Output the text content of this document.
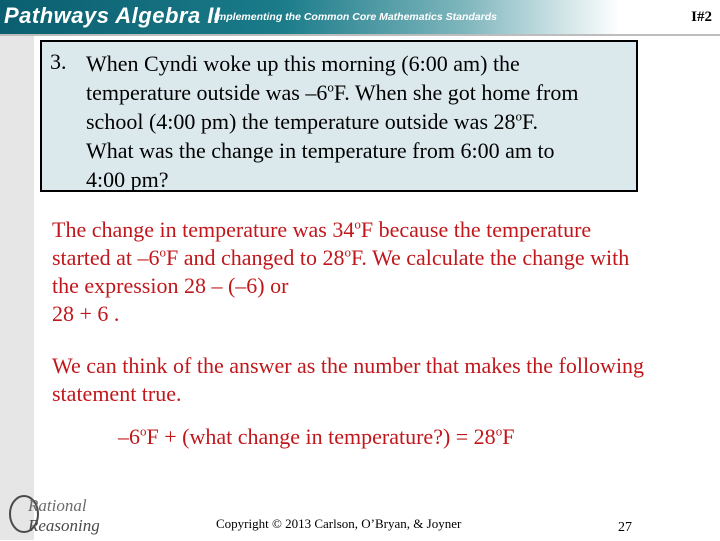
Pathways Algebra II
Implementing the Common Core Mathematics Standards	I#2
3. When Cyndi woke up this morning (6:00 am) the
temperature outside was –6$^o$F. When she got home from
school (4:00 pm) the temperature outside was 28$^o$F.
What was the change in temperature from 6:00 am to
4:00 pm?
The change in temperature was 34$^o$F because the temperature started at –6$^o$F and changed to 28$^o$F. We calculate the change with the expression 28 – (–6) or
28 + 6 .
We can think of the answer as the number that makes the following statement true.
$-6^oF$ + (what change in temperature?) = $28^oF$
Rational
Reasoning	Copyright © 2013 Carlson, O’Bryan, & Joyner	27
